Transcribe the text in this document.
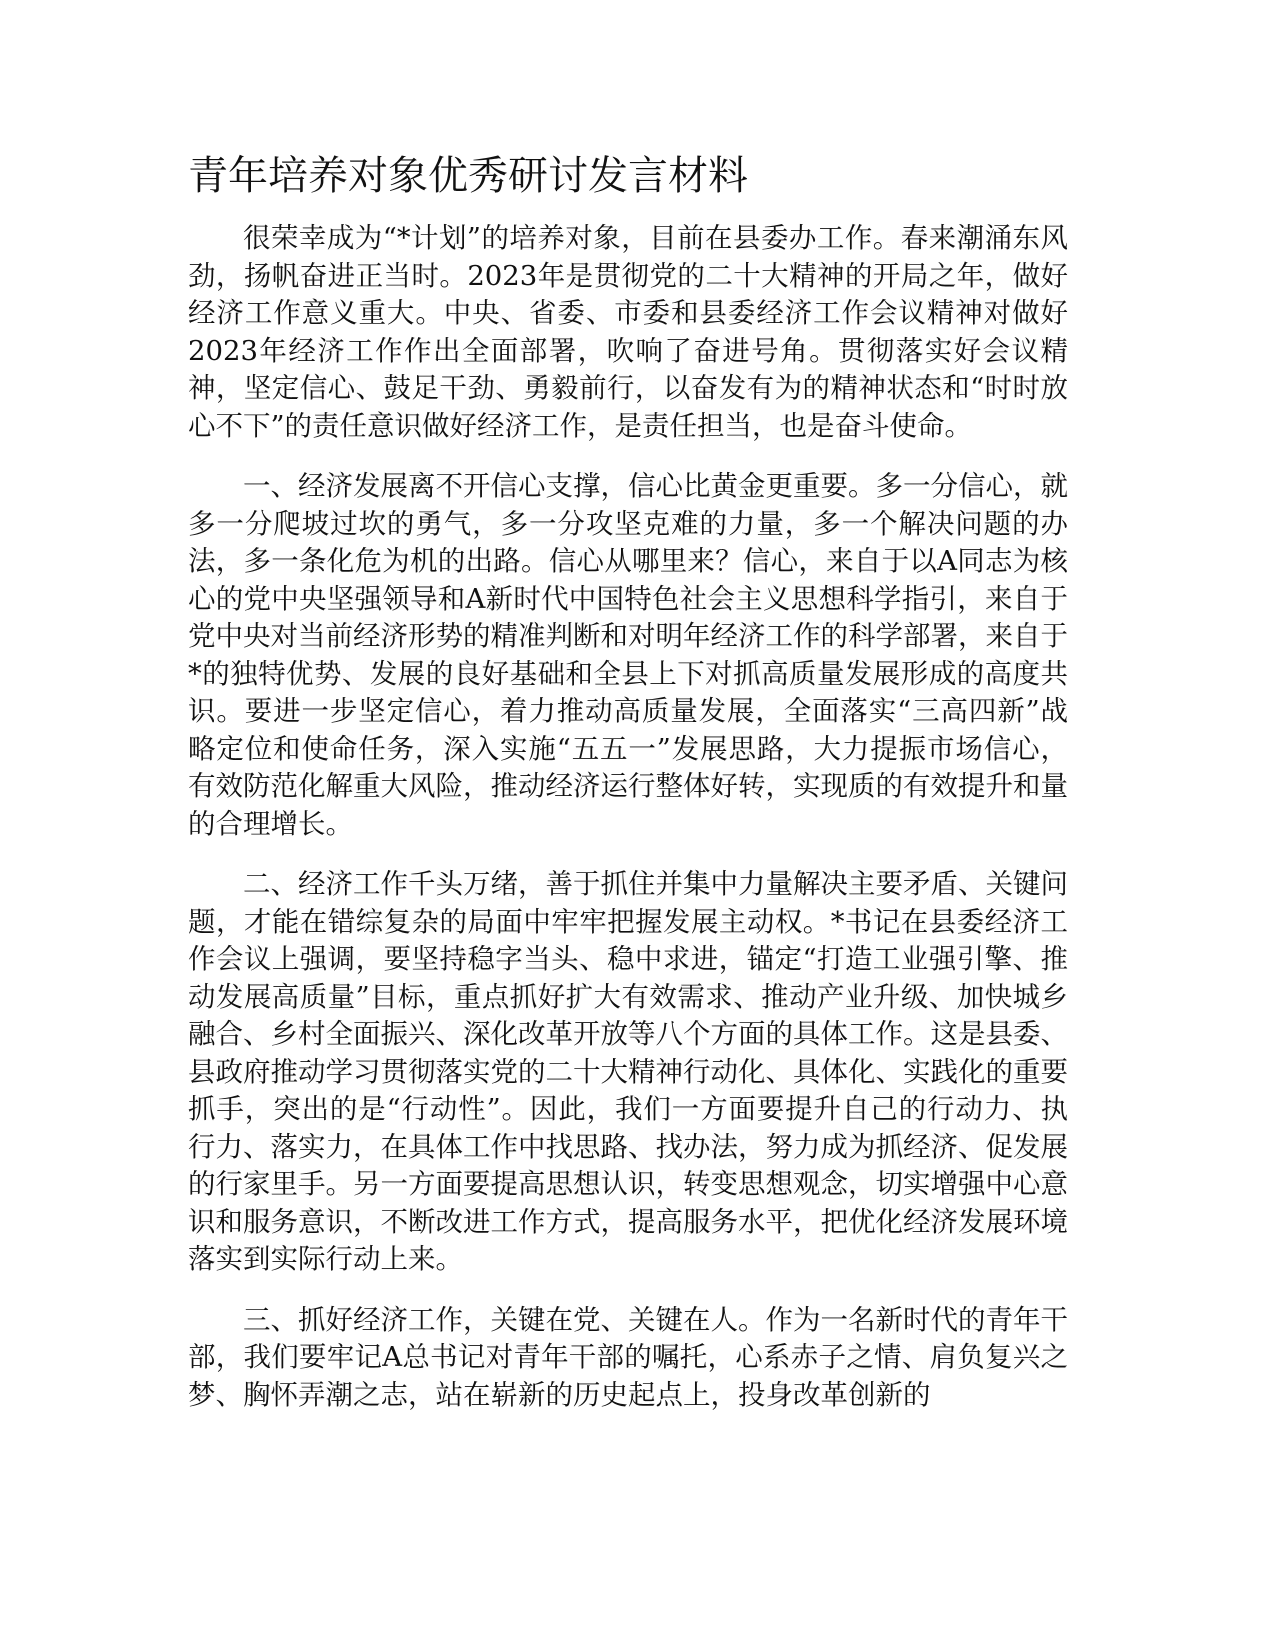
青年培养对象优秀研讨发言材料

很荣幸成为“*计划”的培养对象，目前在县委办工作。春来潮涌东风劲，扬帆奋进正当时。2023年是贯彻党的二十大精神的开局之年，做好经济工作意义重大。中央、省委、市委和县委经济工作会议精神对做好2023年经济工作作出全面部署，吹响了奋进号角。贯彻落实好会议精神，坚定信心、鼓足干劲、勇毅前行，以奋发有为的精神状态和“时时放心不下”的责任意识做好经济工作，是责任担当，也是奋斗使命。

一、经济发展离不开信心支撑，信心比黄金更重要。多一分信心，就多一分爬坡过坎的勇气，多一分攻坚克难的力量，多一个解决问题的办法，多一条化危为机的出路。信心从哪里来？信心，来自于以A同志为核心的党中央坚强领导和A新时代中国特色社会主义思想科学指引，来自于党中央对当前经济形势的精准判断和对明年经济工作的科学部署，来自于*的独特优势、发展的良好基础和全县上下对抓高质量发展形成的高度共识。要进一步坚定信心，着力推动高质量发展，全面落实“三高四新”战略定位和使命任务，深入实施“五五一”发展思路，大力提振市场信心，有效防范化解重大风险，推动经济运行整体好转，实现质的有效提升和量的合理增长。

二、经济工作千头万绪，善于抓住并集中力量解决主要矛盾、关键问题，才能在错综复杂的局面中牢牢把握发展主动权。*书记在县委经济工作会议上强调，要坚持稳字当头、稳中求进，锚定“打造工业强引擎、推动发展高质量”目标，重点抓好扩大有效需求、推动产业升级、加快城乡融合、乡村全面振兴、深化改革开放等八个方面的具体工作。这是县委、县政府推动学习贯彻落实党的二十大精神行动化、具体化、实践化的重要抓手，突出的是“行动性”。因此，我们一方面要提升自己的行动力、执行力、落实力，在具体工作中找思路、找办法，努力成为抓经济、促发展的行家里手。另一方面要提高思想认识，转变思想观念，切实增强中心意识和服务意识，不断改进工作方式，提高服务水平，把优化经济发展环境落实到实际行动上来。

三、抓好经济工作，关键在党、关键在人。作为一名新时代的青年干部，我们要牢记A总书记对青年干部的嘱托，心系赤子之情、肩负复兴之梦、胸怀弄潮之志，站在崭新的历史起点上，投身改革创新的
